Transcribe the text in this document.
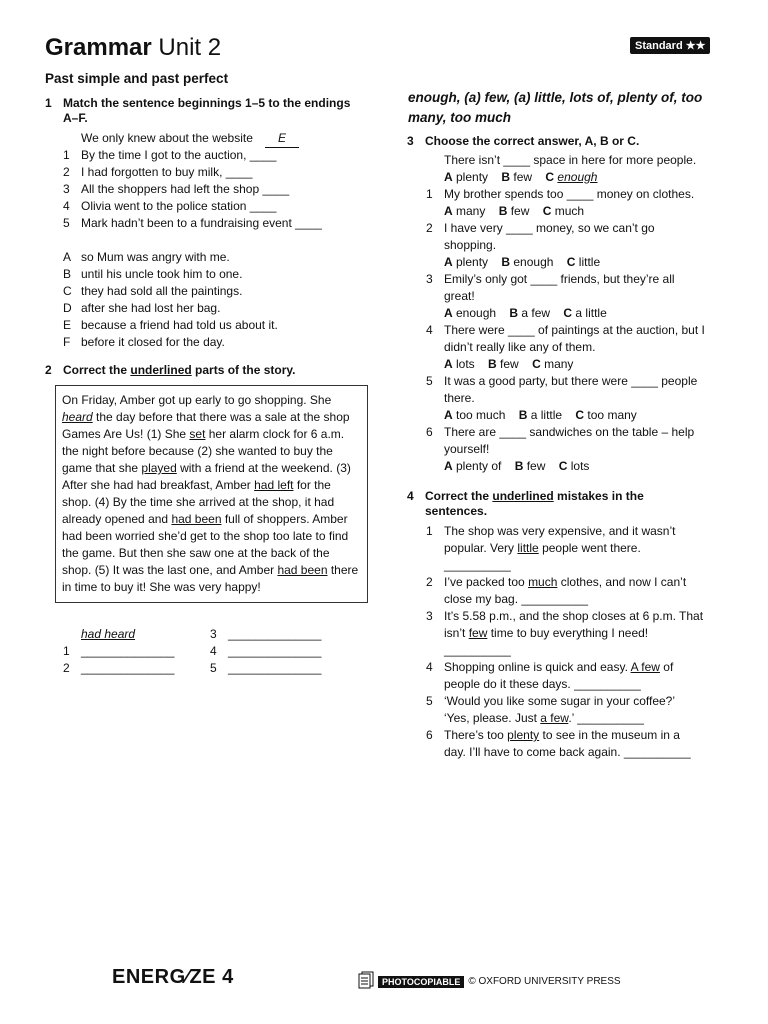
Grammar Unit 2	Standard ★★
Past simple and past perfect
enough, (a) few, (a) little, lots of, plenty of, too many, too much
1 Match the sentence beginnings 1–5 to the endings A–F.
We only knew about the website	E
1 By the time I got to the auction, ____
2 I had forgotten to buy milk, ____
3 All the shoppers had left the shop ____
4 Olivia went to the police station ____
5 Mark hadn’t been to a fundraising event ____
A so Mum was angry with me.
B until his uncle took him to one.
C they had sold all the paintings.
D after she had lost her bag.
E because a friend had told us about it.
F before it closed for the day.
2 Correct the underlined parts of the story.
On Friday, Amber got up early to go shopping. She heard the day before that there was a sale at the shop Games Are Us! (1) She set her alarm clock for 6 a.m. the night before because (2) she wanted to buy the game that she played with a friend at the weekend. (3) After she had had breakfast, Amber had left for the shop. (4) By the time she arrived at the shop, it had already opened and had been full of shoppers. Amber had been worried she’d get to the shop too late to find the game. But then she saw one at the back of the shop. (5) It was the last one, and Amber had been there in time to buy it! She was very happy!
had heard
1 ______________
2 ______________
3 ______________
4 ______________
5 ______________
3 Choose the correct answer, A, B or C.
There isn’t ____ space in here for more people.
A plenty    B few    C enough
1 My brother spends too ____ money on clothes.
A many    B few    C much
2 I have very ____ money, so we can’t go
shopping.
A plenty    B enough    C little
3 Emily’s only got ____ friends, but they’re all
great!
A enough    B a few    C a little
4 There were ____ of paintings at the auction, but I
didn’t really like any of them.
A lots    B few    C many
5 It was a good party, but there were ____ people
there.
A too much    B a little    C too many
6 There are ____ sandwiches on the table – help
yourself!
A plenty of    B few    C lots
4 Correct the underlined mistakes in the
sentences.
1 The shop was very expensive, and it wasn’t
popular. Very little people went there.
__________
2 I’ve packed too much clothes, and now I can’t
close my bag. __________
3 It’s 5.58 p.m., and the shop closes at 6 p.m. That
isn’t few time to buy everything I need!
__________
4 Shopping online is quick and easy. A few of
people do it these days. __________
5 ‘Would you like some sugar in your coffee?’
‘Yes, please. Just a few.’ __________
6 There’s too plenty to see in the museum in a
day. I’ll have to come back again. __________
ENERG⁄ZE 4	PHOTOCOPIABLE © OXFORD UNIVERSITY PRESS
